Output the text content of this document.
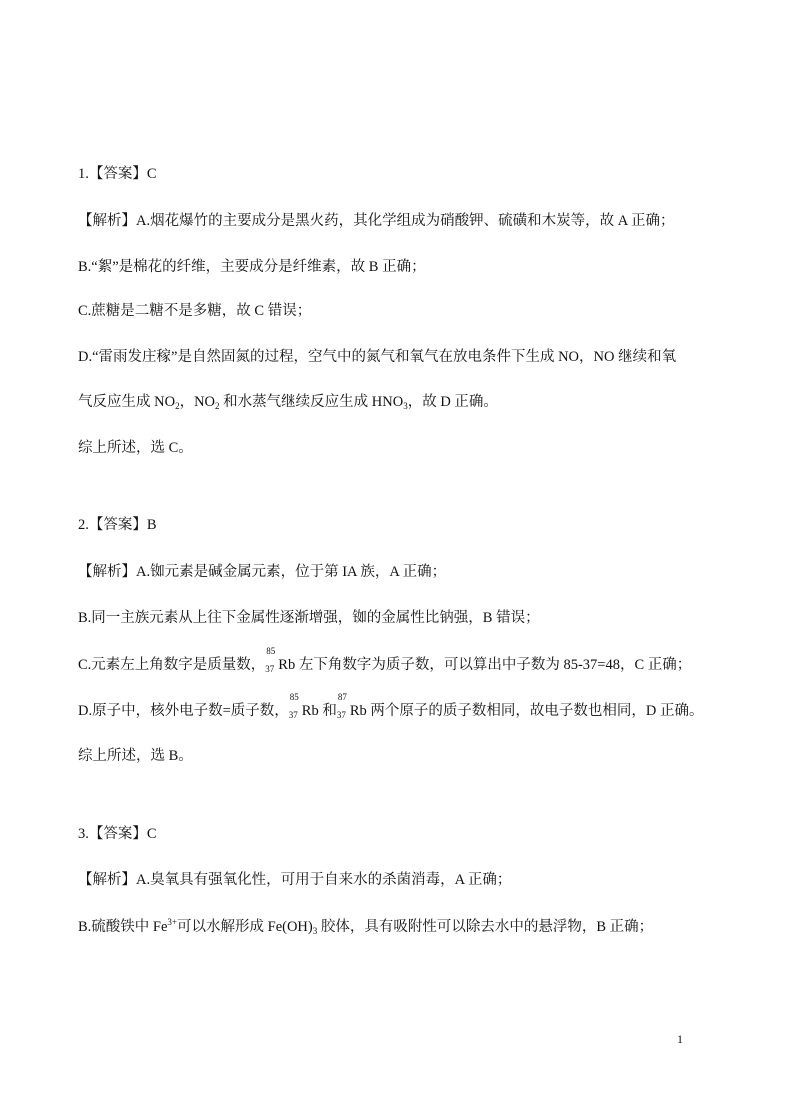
1.【答案】C
【解析】A.烟花爆竹的主要成分是黑火药，其化学组成为硝酸钾、硫磺和木炭等，故 A 正确；
B.“絮”是棉花的纤维，主要成分是纤维素，故 B 正确；
C.蔗糖是二糖不是多糖，故 C 错误；
D.“雷雨发庄稼”是自然固氮的过程，空气中的氮气和氧气在放电条件下生成 NO，NO 继续和氧
气反应生成 $NO_2$，$NO_2$ 和水蒸气继续反应生成 $HNO_3$，故 D 正确。
综上所述，选 C。
2.【答案】B
【解析】A.铷元素是碱金属元素，位于第 IA 族，A 正确；
B.同一主族元素从上往下金属性逐渐增强，铷的金属性比钠强，B 错误；
C.元素左上角数字是质量数，
85
37 Rb 左下角数字为质子数，可以算出中子数为 85-37=48，C 正确；
D.原子中，核外电子数=质子数，
85
37 Rb 和
87
37 Rb 两个原子的质子数相同，故电子数也相同，D 正确。
综上所述，选 B。
3.【答案】C
【解析】A.臭氧具有强氧化性，可用于自来水的杀菌消毒，A 正确；
B.硫酸铁中 $Fe^{3+}$可以水解形成 $Fe(OH)_3$ 胶体，具有吸附性可以除去水中的悬浮物，B 正确；
1
